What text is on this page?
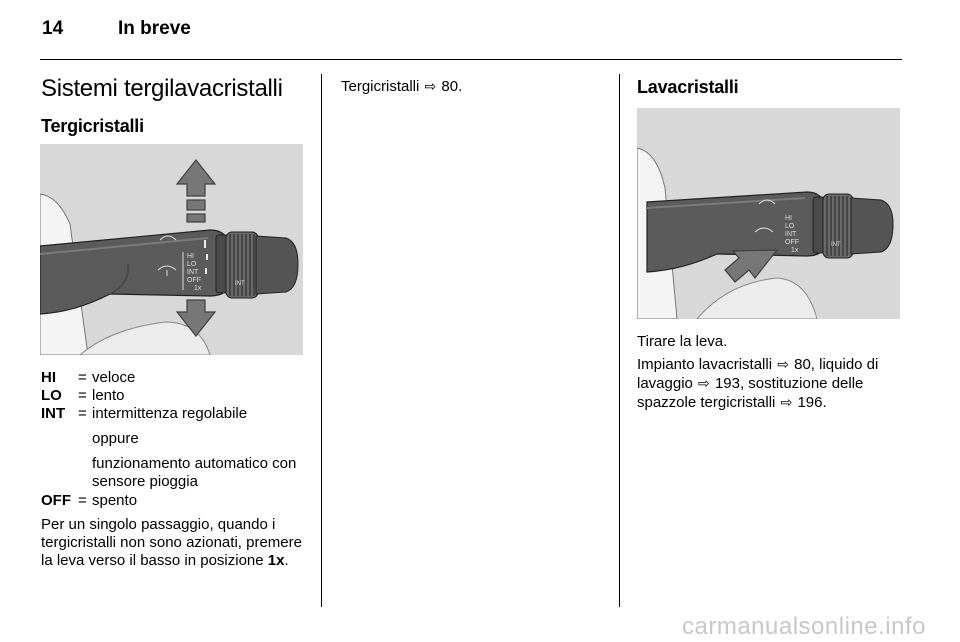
14	In breve
Sistemi tergilavacristalli
Tergicristalli
HI
LO
INT
OFF
1x
INT
HI	= veloce
LO	= lento
INT = intermittenza regolabile
oppure
funzionamento automatico con sensore pioggia
OFF = spento
Per un singolo passaggio, quando i tergicristalli non sono azionati, premere la leva verso il basso in posizione 1x.
Tergicristalli ⇨ 80.	Lavacristalli
HI
LO
INT
OFF
1x
INT
Tirare la leva.
Impianto lavacristalli ⇨ 80, liquido di lavaggio ⇨ 193, sostituzione delle spazzole tergicristalli ⇨ 196.
carmanualsonline.info
